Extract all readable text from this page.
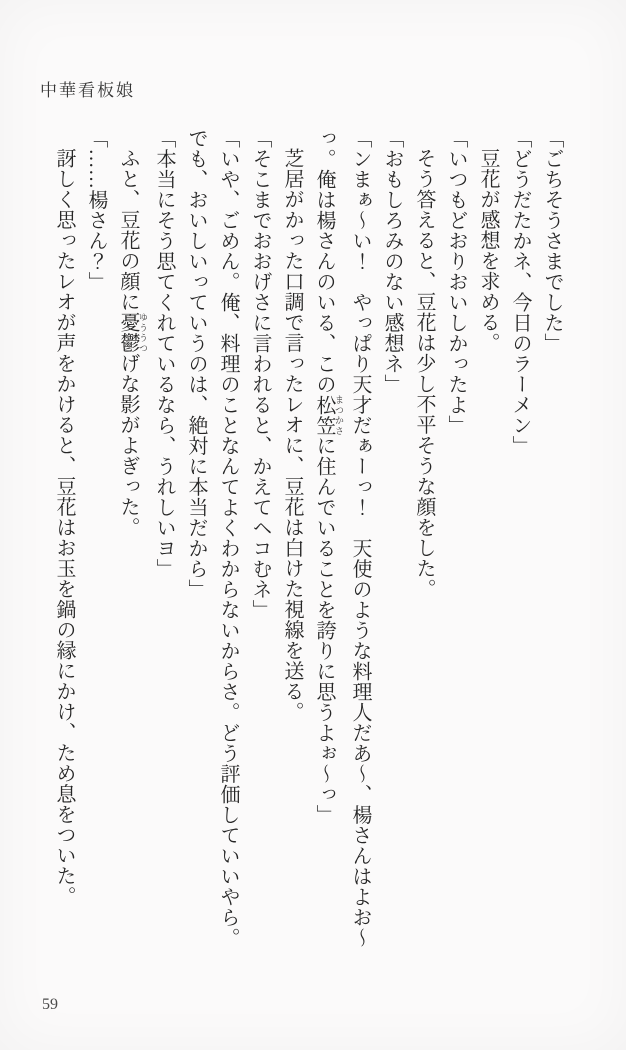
中華看板娘

「ごちそうさまでした」

「どうだたかネ、今日のラーメン」

豆花が感想を求める。

「いつもどおりおいしかったよ」

そう答えると、豆花は少し不平そうな顔をした。

「おもしろみのない感想ネ」

「ンまぁ～い！　やっぱり天才だぁーっ！　天使のような料理人だあ～、楊さんはよお～

っ。俺は楊さんのいる、この松笠 まつかさに住んでいることを誇りに思うよぉ～っ」

芝居がかった口調で言ったレオに、豆花は白けた視線を送る。

「そこまでおおげさに言われると、かえてヘコむネ」

「いや、ごめん。俺、料理のことなんてよくわからないからさ。どう評価していいやら。

でも、おいしいっていうのは、絶対に本当だから」

「本当にそう思てくれているなら、うれしいヨ」

ふと、豆花の顔に憂鬱 ゆううつげな影がよぎった。

「……楊さん？」

訝しく思ったレオが声をかけると、豆花はお玉を鍋の縁にかけ、ため息をついた。

59
